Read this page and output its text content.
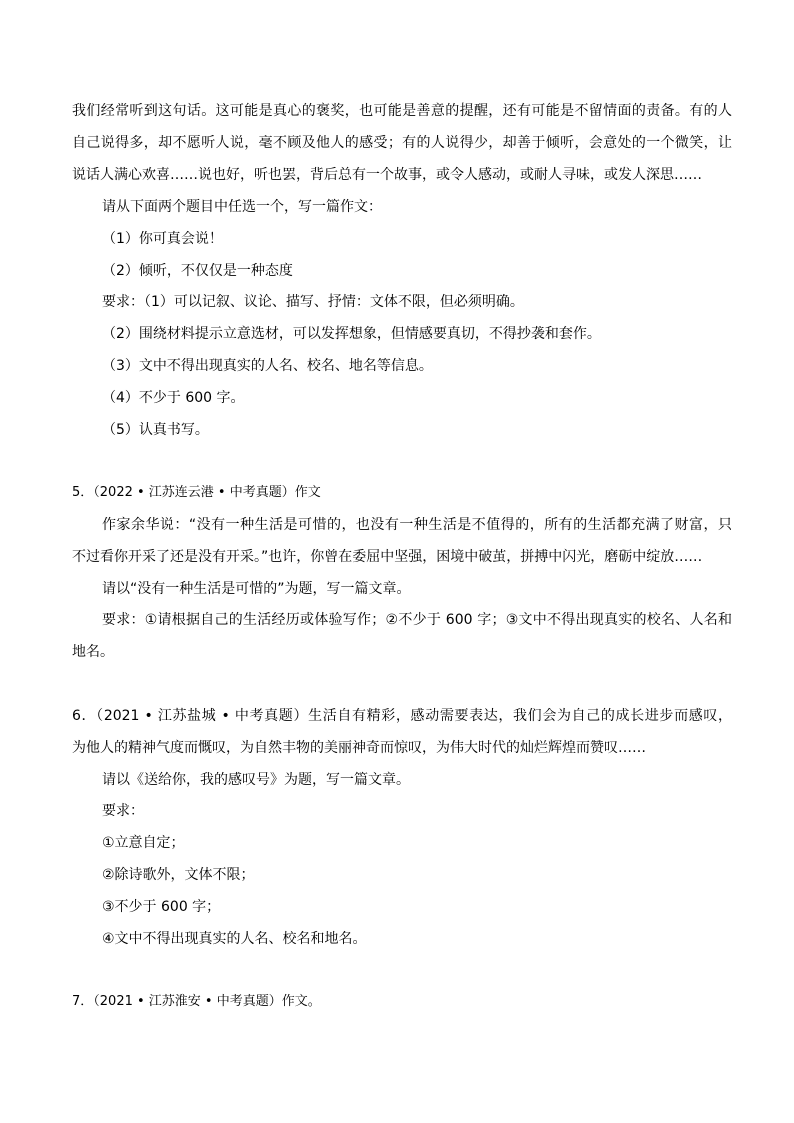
我们经常听到这句话。这可能是真心的褒奖，也可能是善意的提醒，还有可能是不留情面的责备。有的人
自己说得多，却不愿听人说，毫不顾及他人的感受；有的人说得少，却善于倾听，会意处的一个微笑，让
说话人满心欢喜……说也好，听也罢，背后总有一个故事，或令人感动，或耐人寻味，或发人深思……
请从下面两个题目中任选一个，写一篇作文：
（1）你可真会说！
（2）倾听，不仅仅是一种态度
要求：（1）可以记叙、议论、描写、抒情：文体不限，但必须明确。
（2）围绕材料提示立意选材，可以发挥想象，但情感要真切，不得抄袭和套作。
（3）文中不得出现真实的人名、校名、地名等信息。
（4）不少于 600 字。
（5）认真书写。
5．（2022 • 江苏连云港 • 中考真题）作文
作家余华说：“没有一种生活是可惜的，也没有一种生活是不值得的，所有的生活都充满了财富，只
不过看你开采了还是没有开采。”也许，你曾在委屈中坚强，困境中破茧，拼搏中闪光，磨砺中绽放……
请以“没有一种生活是可惜的”为题，写一篇文章。
要求：①请根据自己的生活经历或体验写作；②不少于 600 字；③文中不得出现真实的校名、人名和
地名。
6．（2021 • 江苏盐城 • 中考真题）生活自有精彩，感动需要表达，我们会为自己的成长进步而感叹，
为他人的精神气度而慨叹，为自然丰物的美丽神奇而惊叹，为伟大时代的灿烂辉煌而赞叹……
请以《送给你，我的感叹号》为题，写一篇文章。
要求：
①立意自定；
②除诗歌外，文体不限；
③不少于 600 字；
④文中不得出现真实的人名、校名和地名。
7．（2021 • 江苏淮安 • 中考真题）作文。
